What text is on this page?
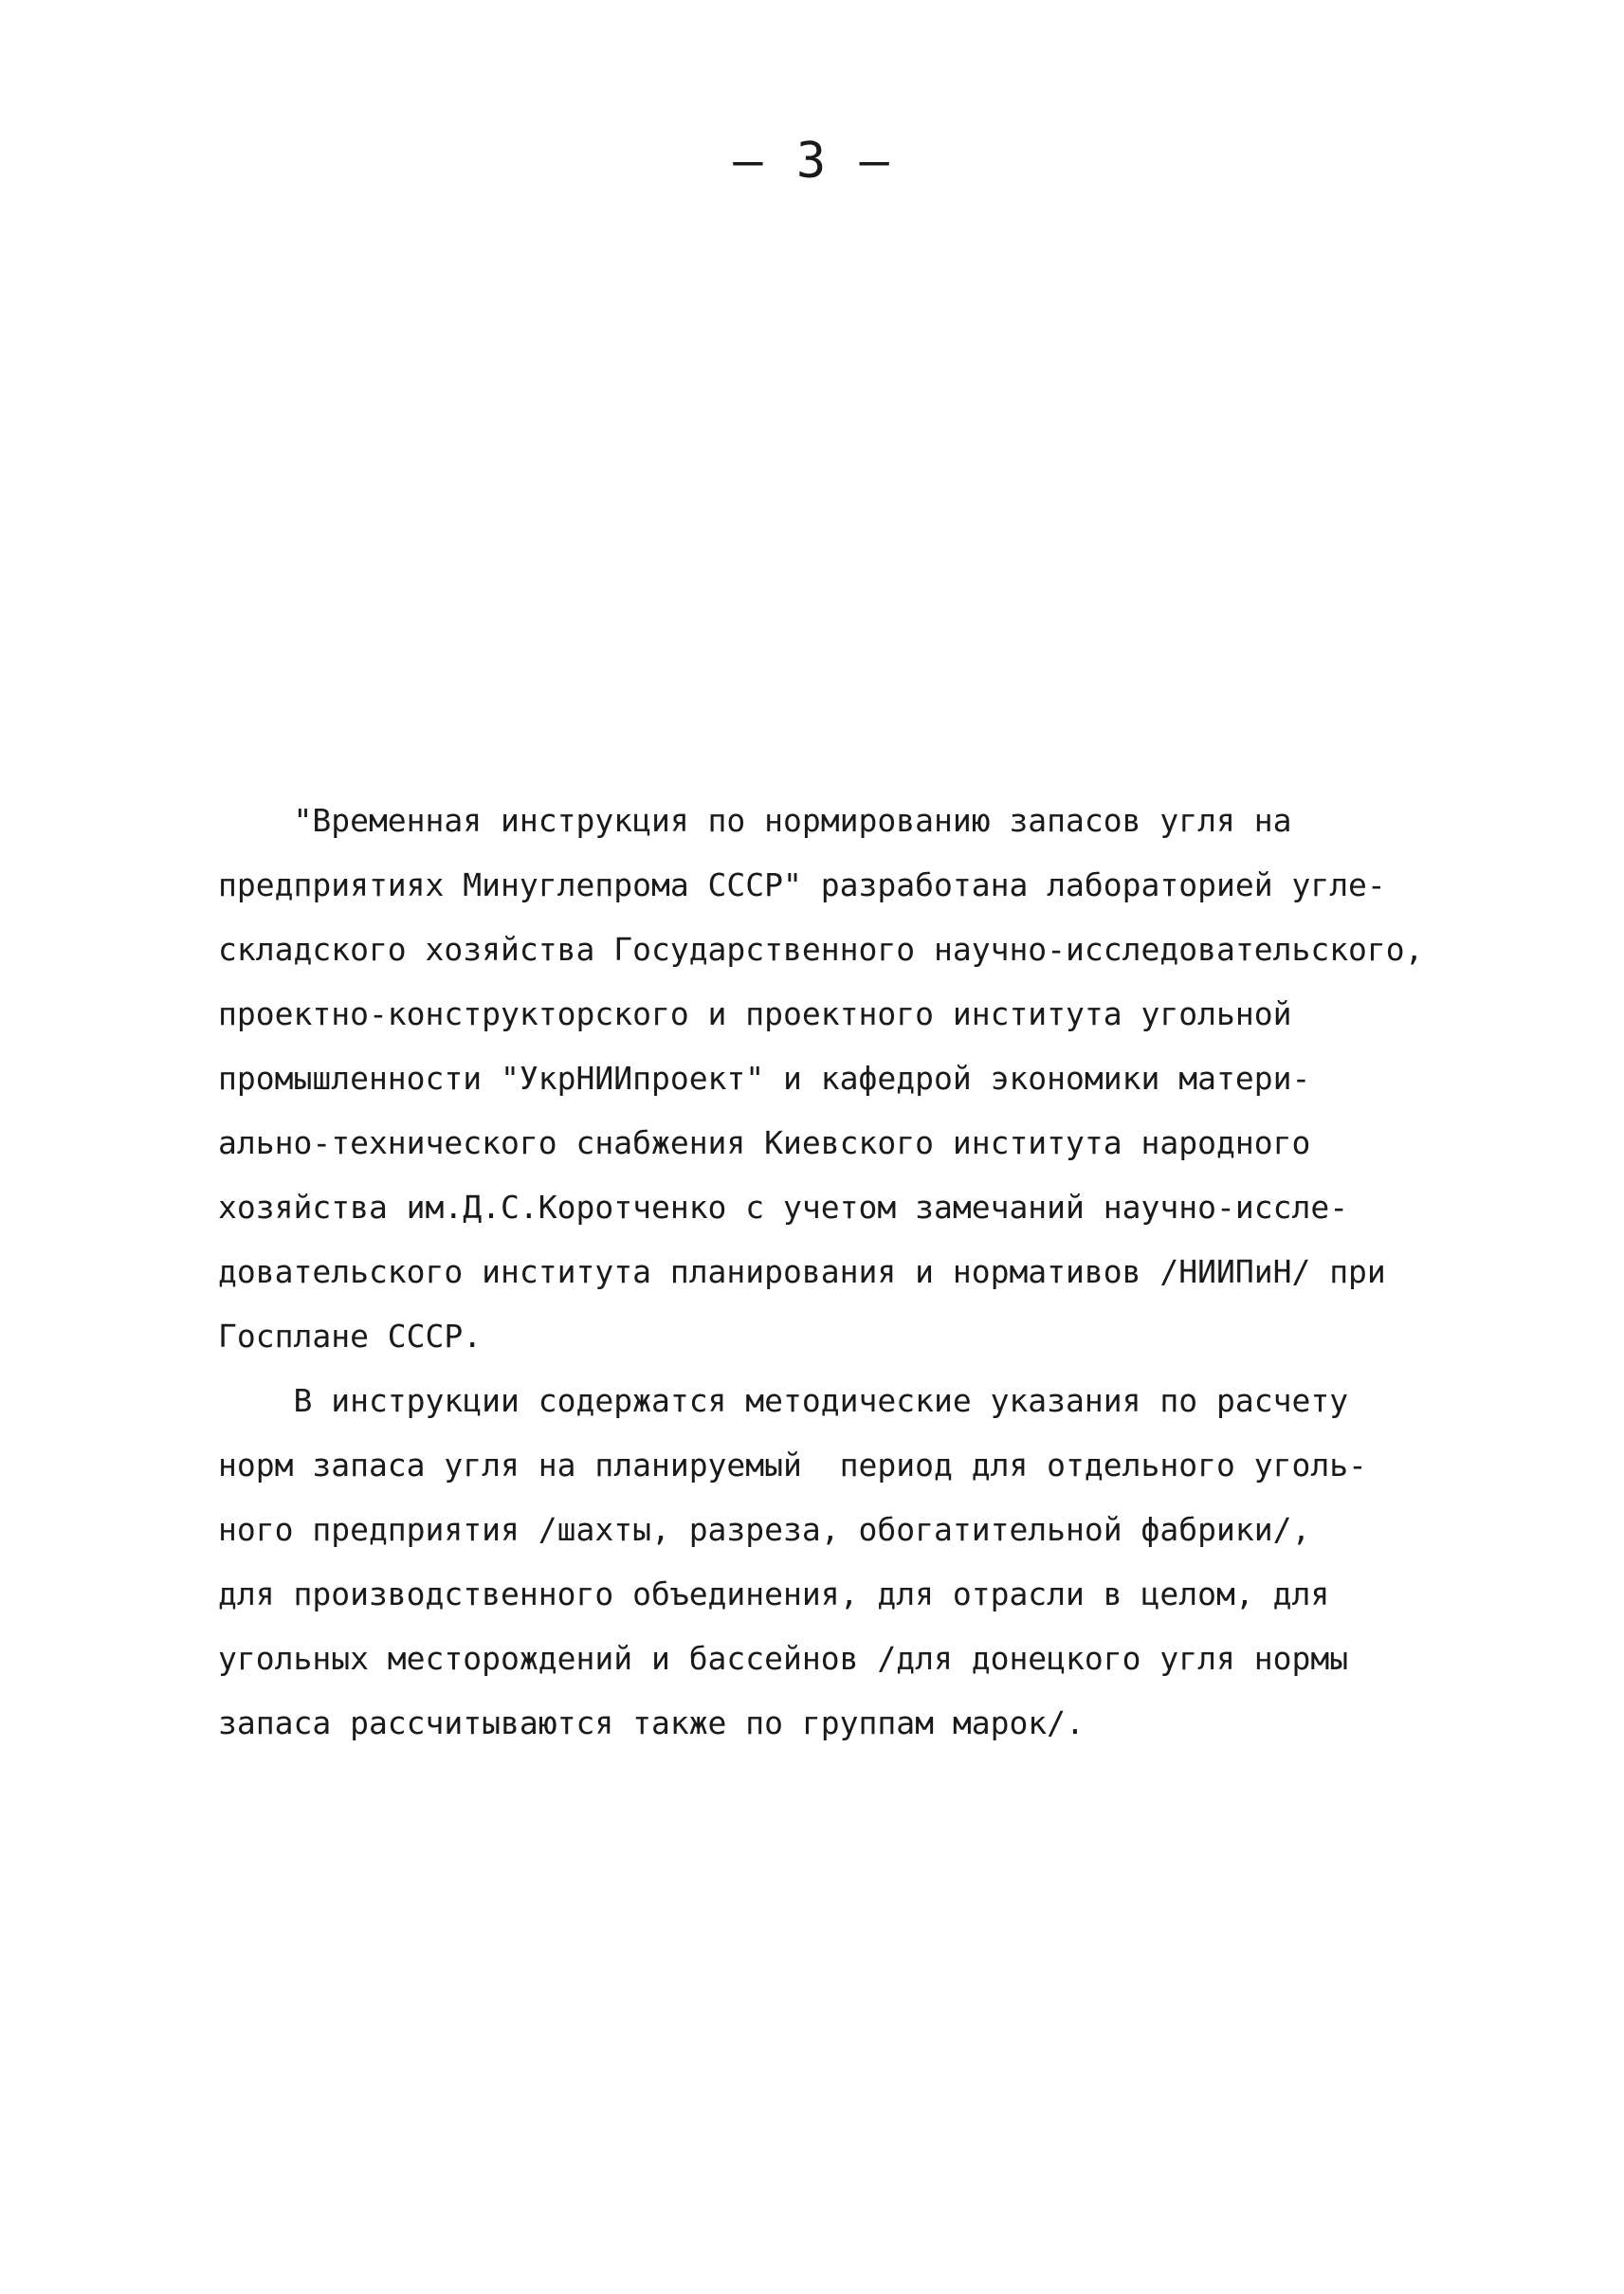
— 3 —
"Временная инструкция по нормированию запасов угля на
предприятиях Минуглепрома СССР" разработана лабораторией угле-
складского хозяйства Государственного научно-исследовательского,
проектно-конструкторского и проектного института угольной
промышленности "УкрНИИпроект" и кафедрой экономики матери-
ально-технического снабжения Киевского института народного
хозяйства им.Д.С.Коротченко с учетом замечаний научно-иссле-
довательского института планирования и нормативов /НИИПиН/ при
Госплане СССР.
В инструкции содержатся методические указания по расчету
норм запаса угля на планируемый  период для отдельного уголь-
ного предприятия /шахты, разреза, обогатительной фабрики/,
для производственного объединения, для отрасли в целом, для
угольных месторождений и бассейнов /для донецкого угля нормы
запаса рассчитываются также по группам марок/.
